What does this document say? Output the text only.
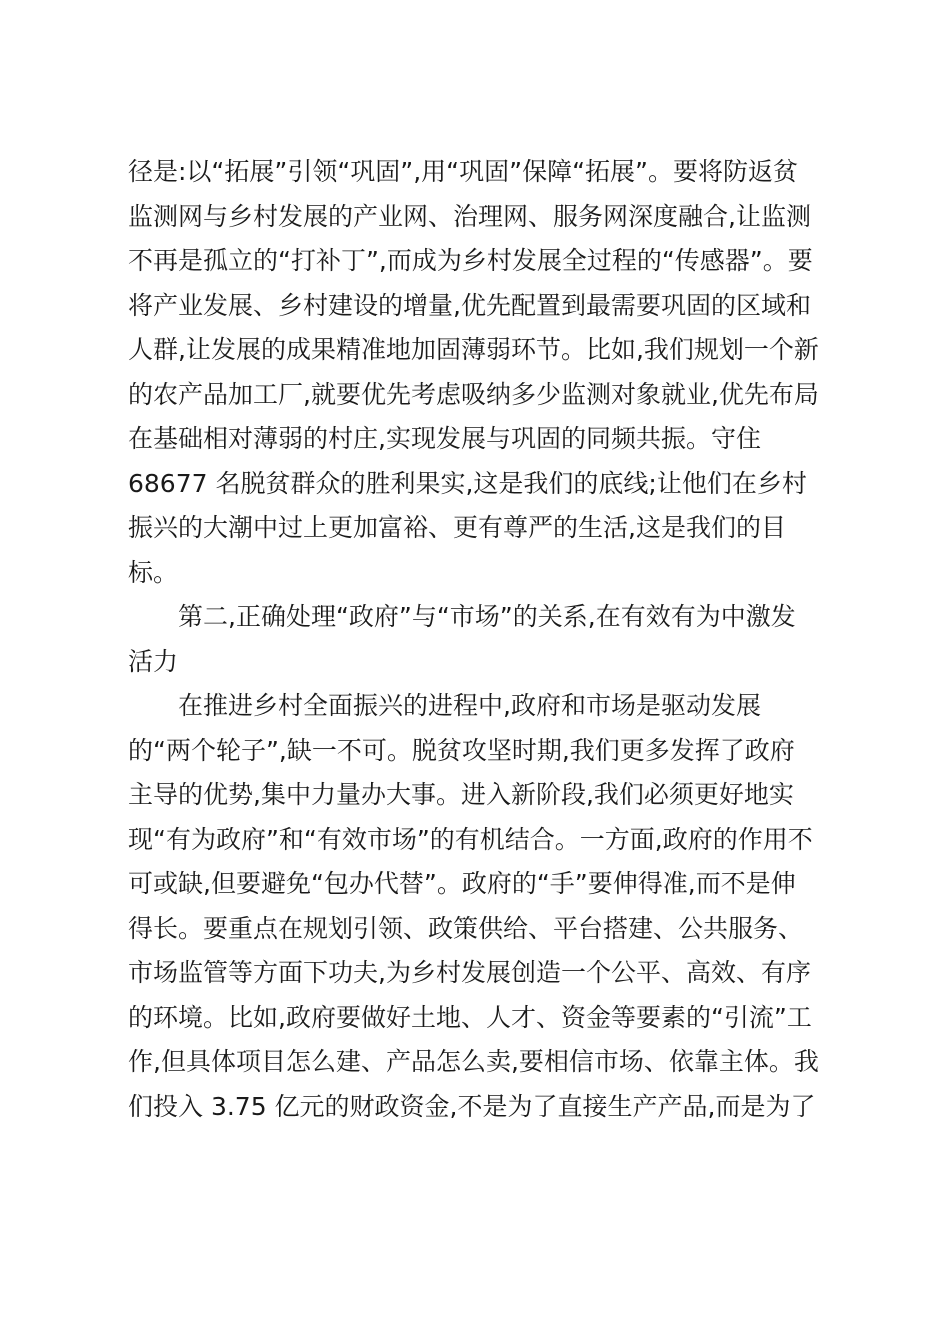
径是:以“拓展”引领“巩固”,用“巩固”保障“拓展”。要将防返贫
监测网与乡村发展的产业网、治理网、服务网深度融合,让监测
不再是孤立的“打补丁”,而成为乡村发展全过程的“传感器”。要
将产业发展、乡村建设的增量,优先配置到最需要巩固的区域和
人群,让发展的成果精准地加固薄弱环节。比如,我们规划一个新
的农产品加工厂,就要优先考虑吸纳多少监测对象就业,优先布局
在基础相对薄弱的村庄,实现发展与巩固的同频共振。守住
68677 名脱贫群众的胜利果实,这是我们的底线;让他们在乡村
振兴的大潮中过上更加富裕、更有尊严的生活,这是我们的目
标。
第二,正确处理“政府”与“市场”的关系,在有效有为中激发
活力
在推进乡村全面振兴的进程中,政府和市场是驱动发展
的“两个轮子”,缺一不可。脱贫攻坚时期,我们更多发挥了政府
主导的优势,集中力量办大事。进入新阶段,我们必须更好地实
现“有为政府”和“有效市场”的有机结合。一方面,政府的作用不
可或缺,但要避免“包办代替”。政府的“手”要伸得准,而不是伸
得长。要重点在规划引领、政策供给、平台搭建、公共服务、
市场监管等方面下功夫,为乡村发展创造一个公平、高效、有序
的环境。比如,政府要做好土地、人才、资金等要素的“引流”工
作,但具体项目怎么建、产品怎么卖,要相信市场、依靠主体。我
们投入 3.75 亿元的财政资金,不是为了直接生产产品,而是为了
